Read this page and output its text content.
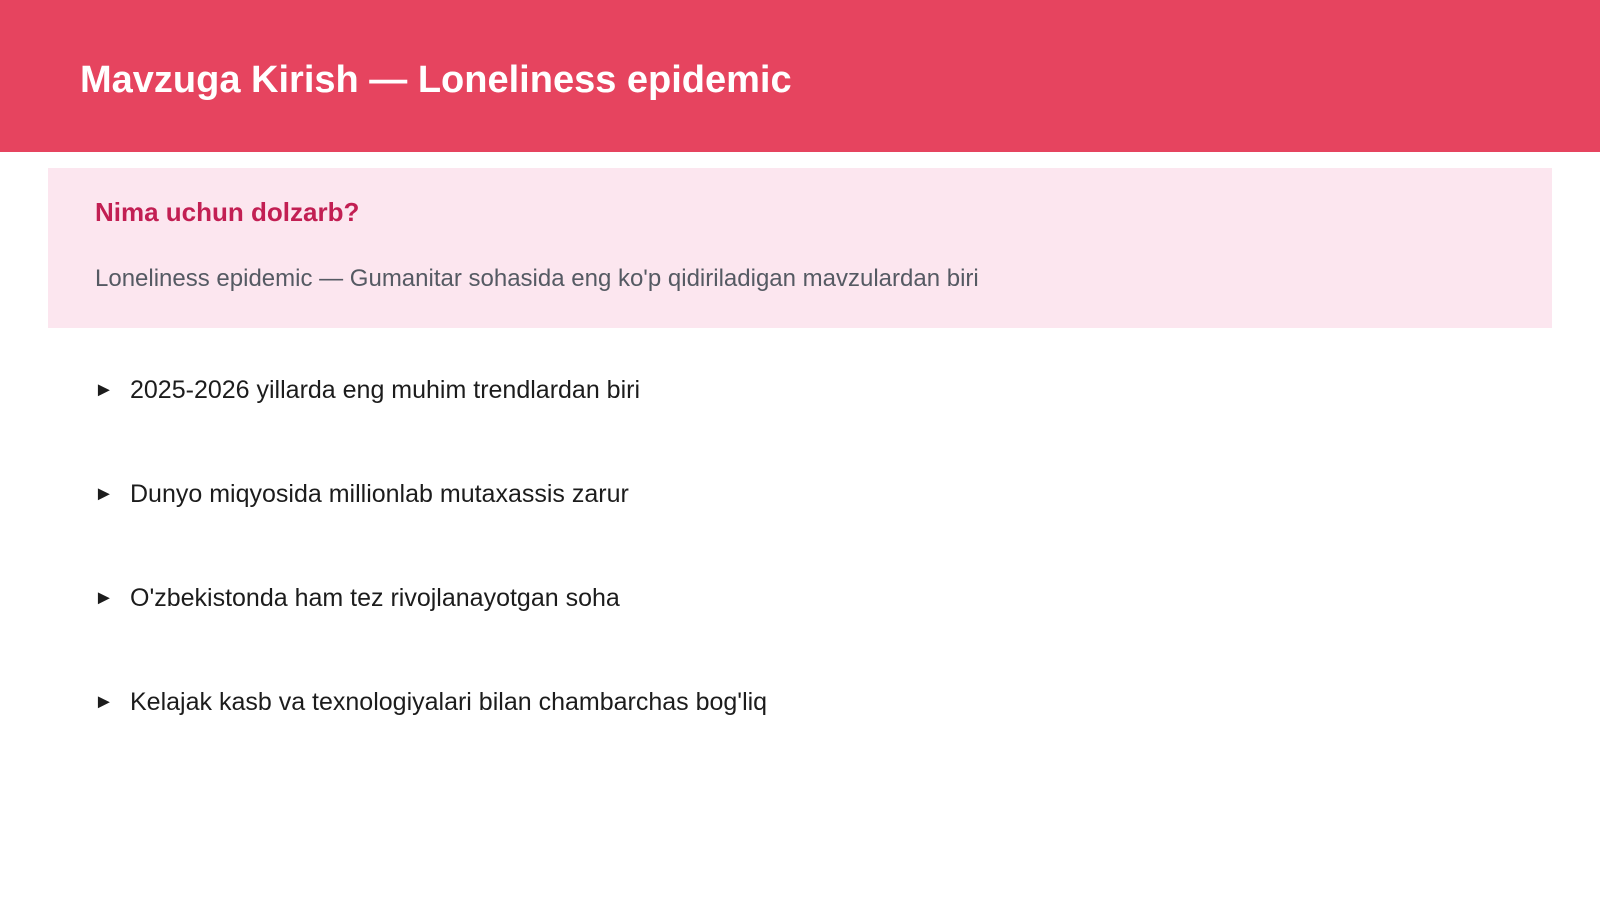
Mavzuga Kirish — Loneliness epidemic
Nima uchun dolzarb?
Loneliness epidemic — Gumanitar sohasida eng ko'p qidiriladigan mavzulardan biri
► 2025-2026 yillarda eng muhim trendlardan biri
► Dunyo miqyosida millionlab mutaxassis zarur
► O'zbekistonda ham tez rivojlanayotgan soha
► Kelajak kasb va texnologiyalari bilan chambarchas bog'liq
